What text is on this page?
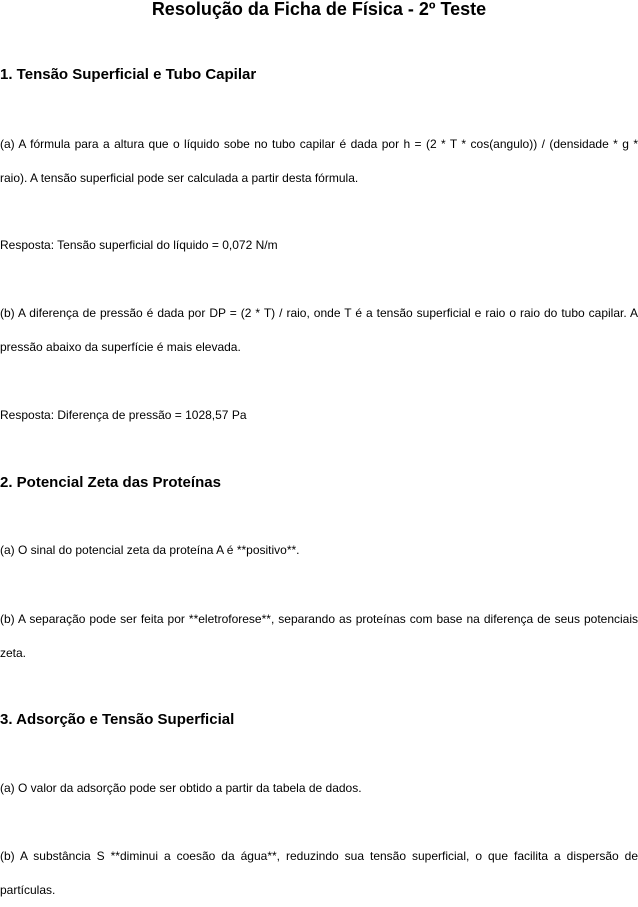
Resolução da Ficha de Física - 2º Teste
1. Tensão Superficial e Tubo Capilar
(a) A fórmula para a altura que o líquido sobe no tubo capilar é dada por h = (2 * T * cos(angulo)) / (densidade * g * raio). A tensão superficial pode ser calculada a partir desta fórmula.
Resposta: Tensão superficial do líquido = 0,072 N/m
(b) A diferença de pressão é dada por DP = (2 * T) / raio, onde T é a tensão superficial e raio o raio do tubo capilar. A pressão abaixo da superfície é mais elevada.
Resposta: Diferença de pressão = 1028,57 Pa
2. Potencial Zeta das Proteínas
(a) O sinal do potencial zeta da proteína A é **positivo**.
(b) A separação pode ser feita por **eletroforese**, separando as proteínas com base na diferença de seus potenciais zeta.
3. Adsorção e Tensão Superficial
(a) O valor da adsorção pode ser obtido a partir da tabela de dados.
(b) A substância S **diminui a coesão da água**, reduzindo sua tensão superficial, o que facilita a dispersão de partículas.
